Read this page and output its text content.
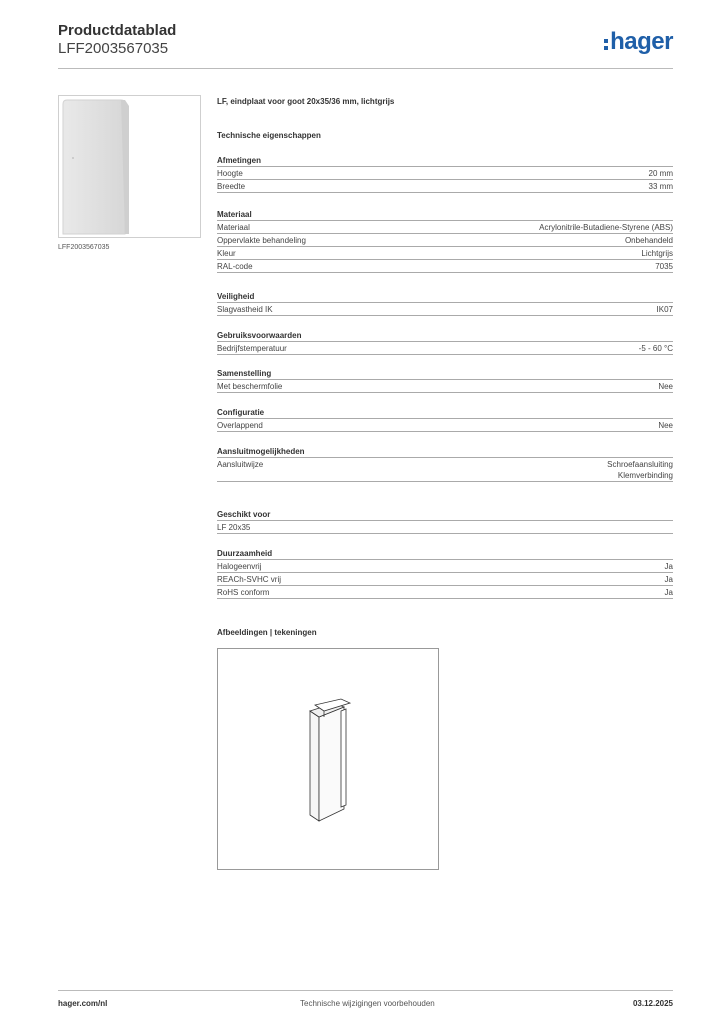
Productdatablad
LFF2003567035	hager
LFF2003567035
LF, eindplaat voor goot 20x35/36 mm, lichtgrijs
Technische eigenschappen
Afmetingen
Hoogte	20 mm
Breedte	33 mm
Materiaal
Materiaal	Acrylonitrile-Butadiene-Styrene (ABS)
Oppervlakte behandeling	Onbehandeld
Kleur	Lichtgrijs
RAL-code	7035
Veiligheid
Slagvastheid IK	IK07
Gebruiksvoorwaarden
Bedrijfstemperatuur	-5 - 60 °C
Samenstelling
Met beschermfolie	Nee
Configuratie
Overlappend	Nee
Aansluitmogelijkheden
Aansluitwijze	Schroefaansluiting
Klemverbinding
Geschikt voor
LF 20x35
Duurzaamheid
Halogeenvrij	Ja
REACh-SVHC vrij	Ja
RoHS conform	Ja
Afbeeldingen | tekeningen
hager.com/nl	Technische wijzigingen voorbehouden	03.12.2025
